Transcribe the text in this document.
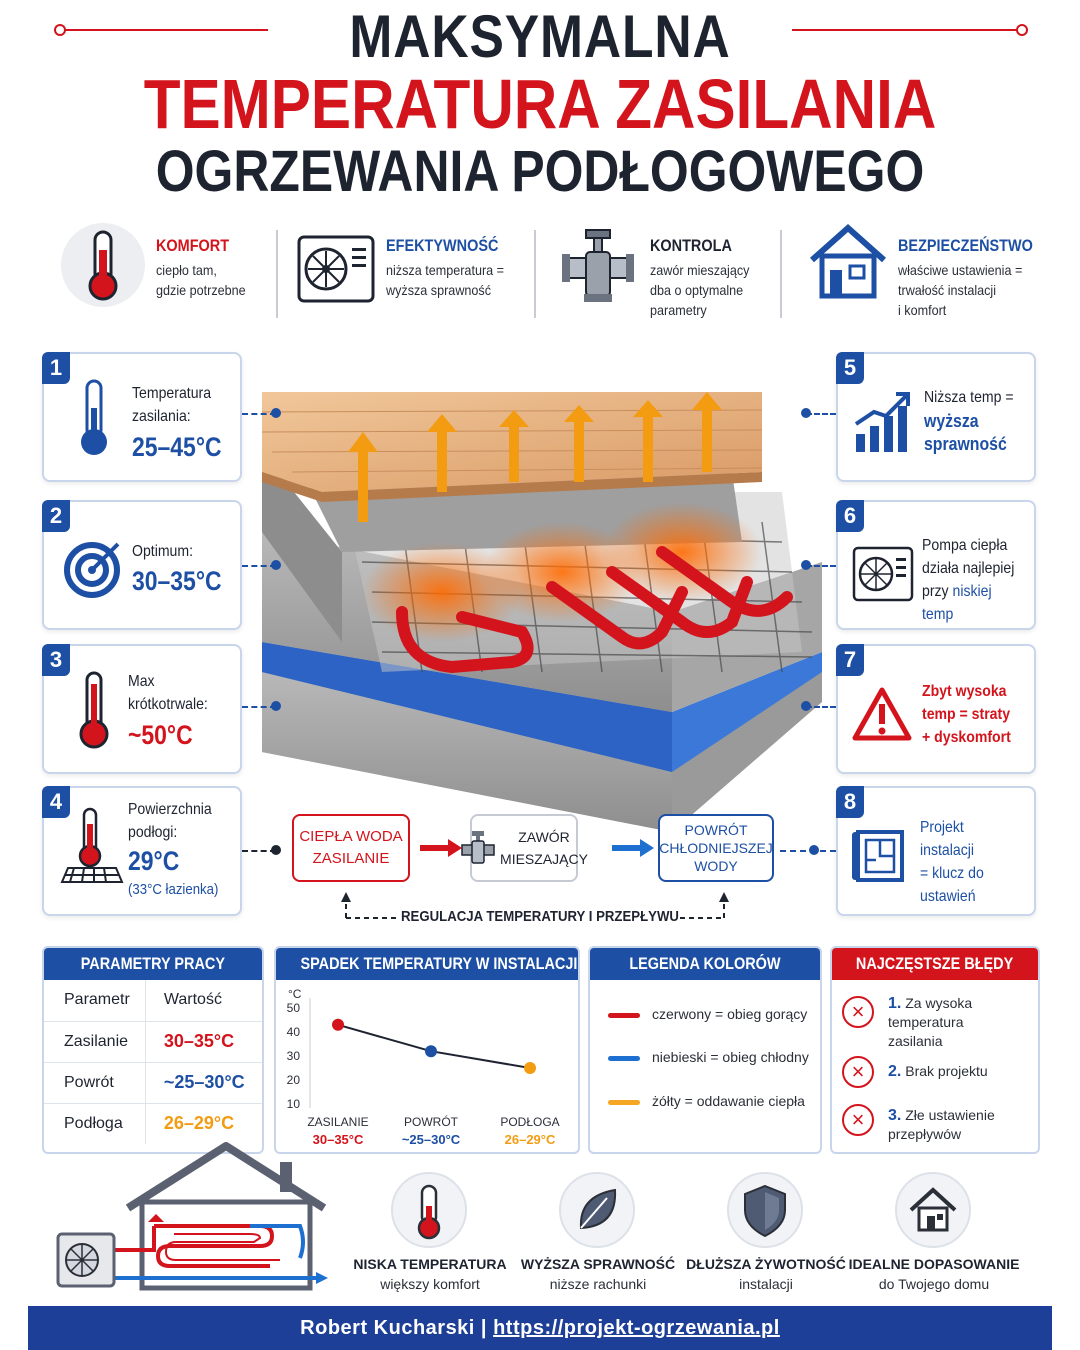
MAKSYMALNA
TEMPERATURA ZASILANIA
OGRZEWANIA PODŁOGOWEGO
KOMFORT
ciepło tam,
gdzie potrzebne
EFEKTYWNOŚĆ
niższa temperatura =
wyższa sprawność
KONTROLA
zawór mieszający
dba o optymalne
parametry
BEZPIECZEŃSTWO
właściwe ustawienia =
trwałość instalacji
i komfort
1
Temperatura
zasilania:
25–45°C
2
Optimum:
30–35°C
3
Max
krótkotrwale:
~50°C
4	Powierzchnia
podłogi:
29°C
(33°C łazienka)
5
Niższa temp =
wyższa
sprawność
6
Pompa ciepła
działa najlepiej
przy niskiej temp
7
Zbyt wysoka
temp = straty
+ dyskomfort
8
Projekt instalacji
= klucz do
ustawień
CIEPŁA WODA
ZASILANIE
ZAWÓR
MIESZAJĄCY
POWRÓT
CHŁODNIEJSZEJ
WODY
REGULACJA TEMPERATURY I PRZEPŁYWU
PARAMETRY PRACY
Parametr	Wartość
Zasilanie	30–35°C
Powrót	~25–30°C
Podłoga	26–29°C
SPADEK TEMPERATURY W INSTALACJI
°C
50
40
30
20
10
ZASILANIE
30–35°C
POWRÓT
~25–30°C
PODŁOGA
26–29°C
LEGENDA KOLORÓW
czerwony = obieg gorący
niebieski = obieg chłodny
żółty = oddawanie ciepła
NAJCZĘSTSZE BŁĘDY
×	1. Za wysoka
temperatura
zasilania
×	2. Brak projektu
×	3. Złe ustawienie
przepływów
NISKA TEMPERATURA
większy komfort
WYŻSZA SPRAWNOŚĆ
niższe rachunki
DŁUŻSZA ŻYWOTNOŚĆ
instalacji
IDEALNE DOPASOWANIE
do Twojego domu
Robert Kucharski | https://projekt-ogrzewania.pl
